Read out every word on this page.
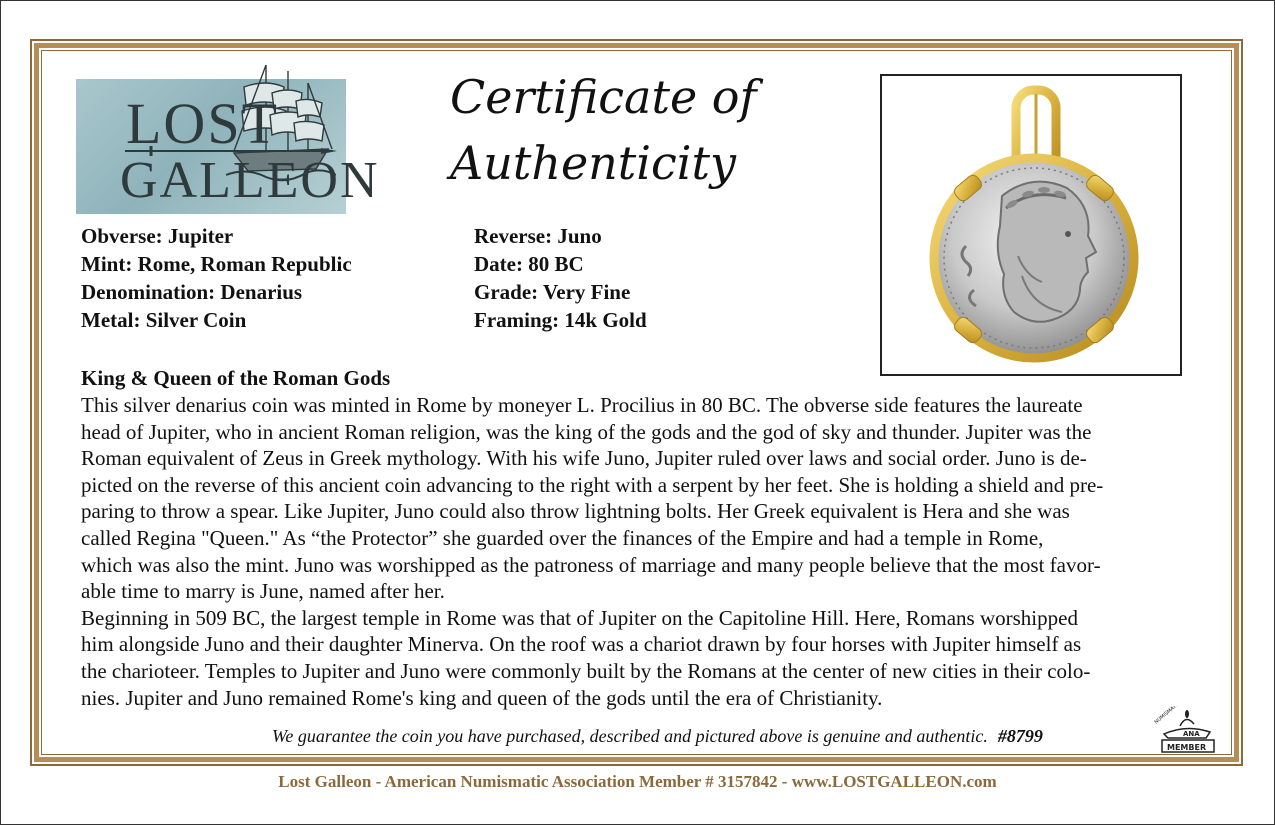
LOST
GALLEON
Certificate of
Authenticity
Obverse: Jupiter
Mint: Rome, Roman Republic
Denomination: Denarius
Metal: Silver Coin
Reverse: Juno
Date: 80 BC
Grade: Very Fine
Framing: 14k Gold
King & Queen of the Roman Gods
This silver denarius coin was minted in Rome by moneyer L. Procilius in 80 BC. The obverse side features the laureate
head of Jupiter, who in ancient Roman religion, was the king of the gods and the god of sky and thunder. Jupiter was the
Roman equivalent of Zeus in Greek mythology. With his wife Juno, Jupiter ruled over laws and social order. Juno is de-
picted on the reverse of this ancient coin advancing to the right with a serpent by her feet. She is holding a shield and pre-
paring to throw a spear. Like Jupiter, Juno could also throw lightning bolts. Her Greek equivalent is Hera and she was
called Regina "Queen." As “the Protector” she guarded over the finances of the Empire and had a temple in Rome,
which was also the mint. Juno was worshipped as the patroness of marriage and many people believe that the most favor-
able time to marry is June, named after her.
Beginning in 509 BC, the largest temple in Rome was that of Jupiter on the Capitoline Hill. Here, Romans worshipped
him alongside Juno and their daughter Minerva. On the roof was a chariot drawn by four horses with Jupiter himself as
the charioteer. Temples to Jupiter and Juno were commonly built by the Romans at the center of new cities in their colo-
nies. Jupiter and Juno remained Rome's king and queen of the gods until the era of Christianity.
We guarantee the coin you have purchased, described and pictured above is genuine and authentic. #8799
NUMISMATIC
ANA
MEMBER
Lost Galleon - American Numismatic Association Member # 3157842 - www.LOSTGALLEON.com
